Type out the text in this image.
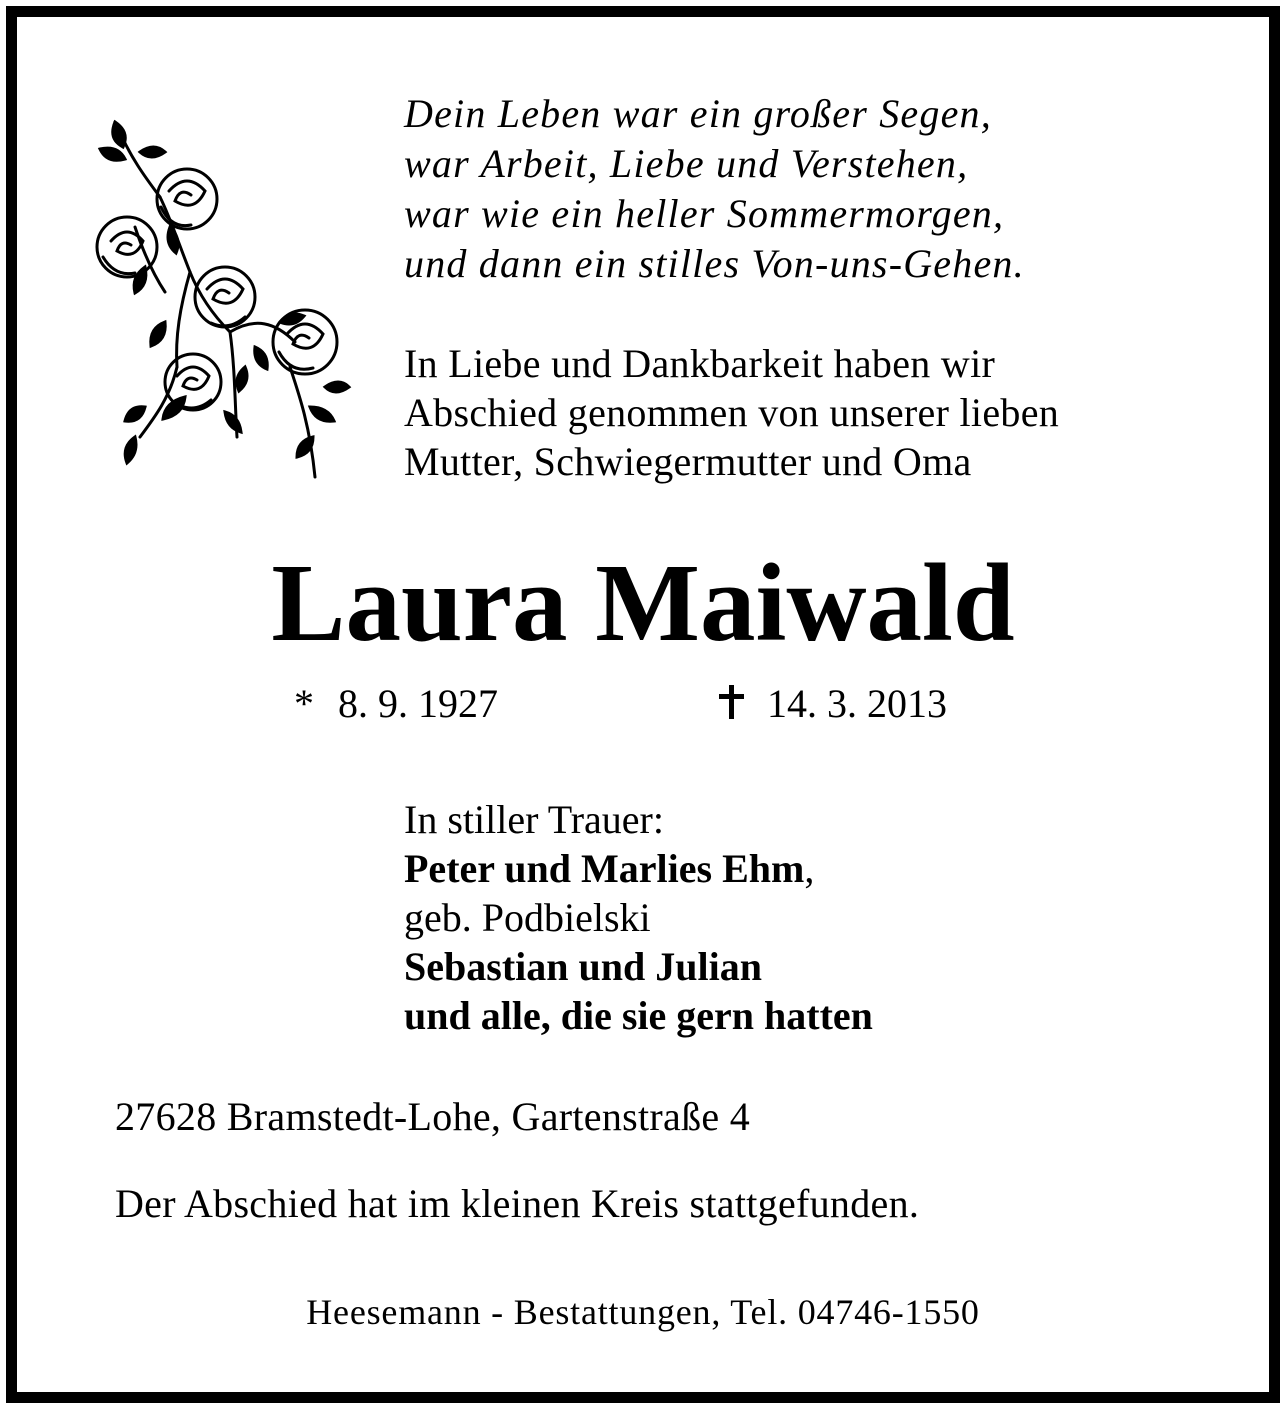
Dein Leben war ein großer Segen,
war Arbeit, Liebe und Verstehen,
war wie ein heller Sommermorgen,
und dann ein stilles Von-uns-Gehen.
In Liebe und Dankbarkeit haben wir
Abschied genommen von unserer lieben
Mutter, Schwiegermutter und Oma
Laura Maiwald
* 8. 9. 1927	14. 3. 2013
In stiller Trauer:
Peter und Marlies Ehm,
geb. Podbielski
Sebastian und Julian
und alle, die sie gern hatten
27628 Bramstedt-Lohe, Gartenstraße 4
Der Abschied hat im kleinen Kreis stattgefunden.
Heesemann - Bestattungen, Tel. 04746-1550
